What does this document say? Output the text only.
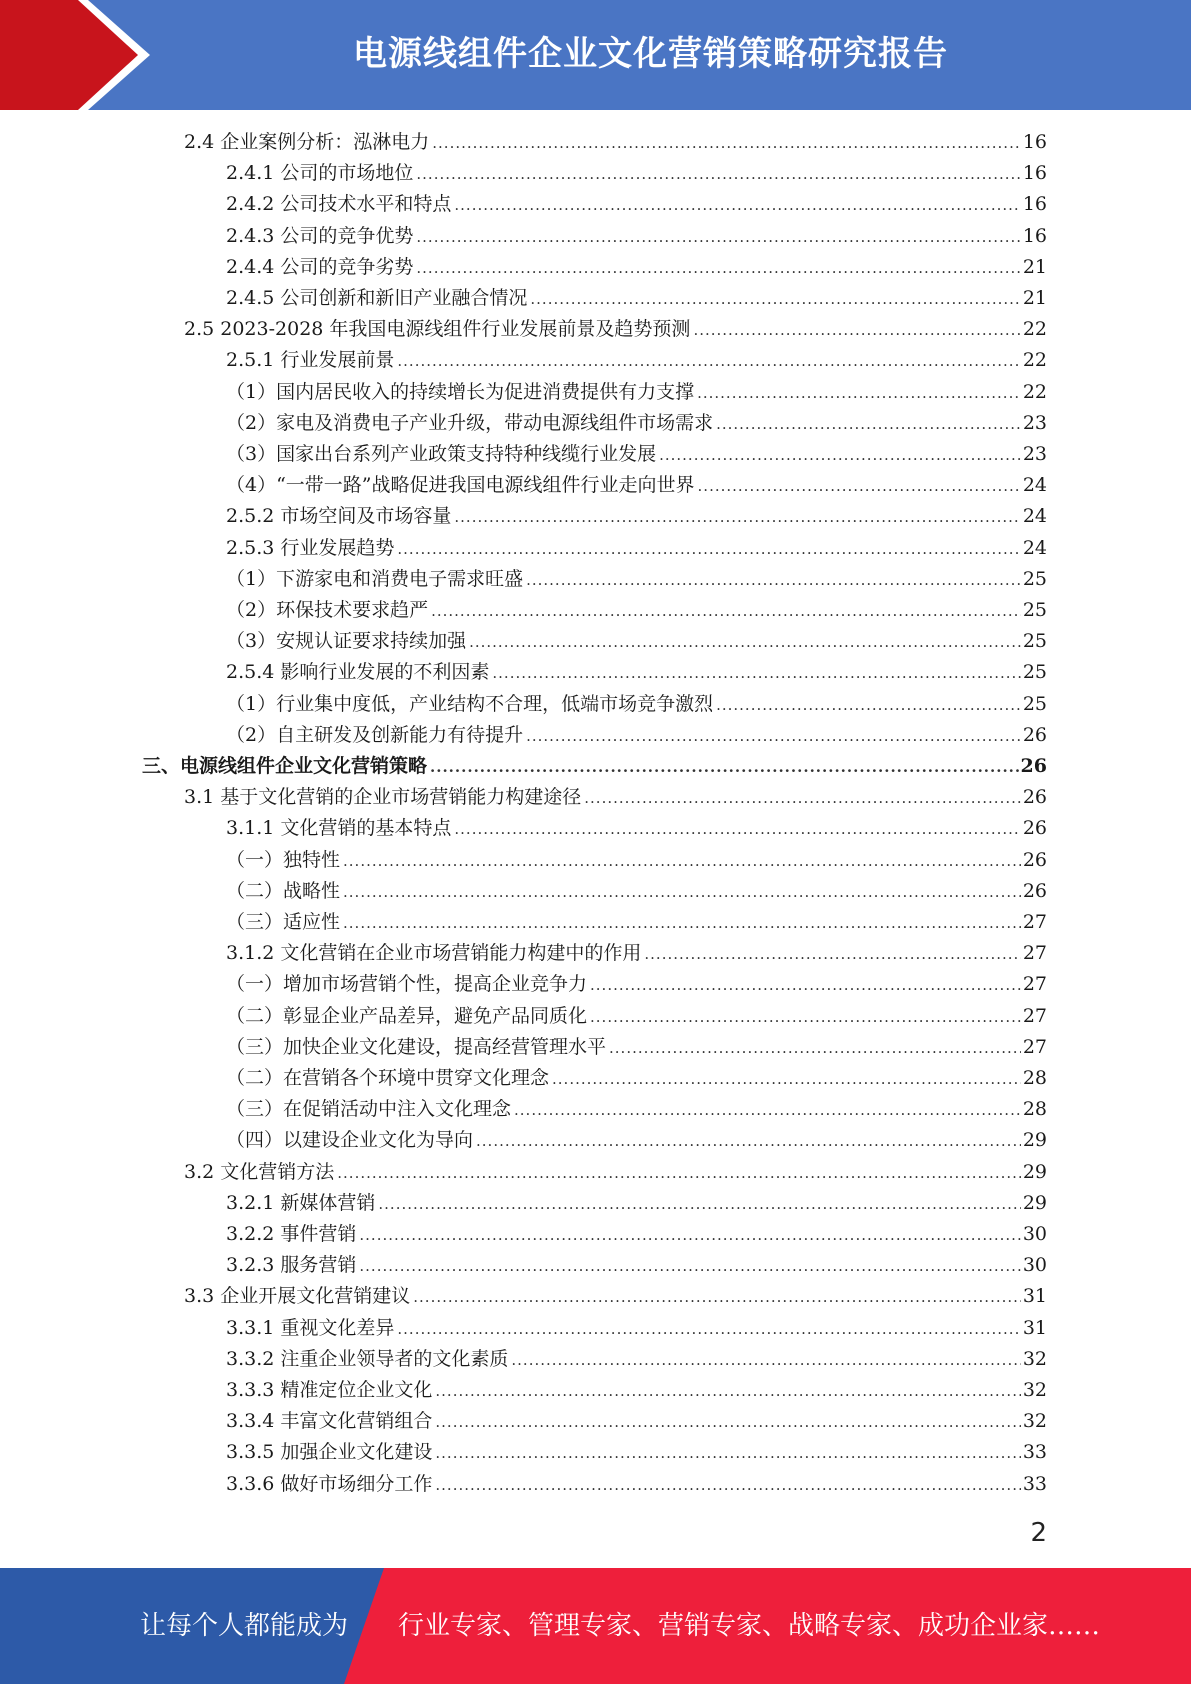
电源线组件企业文化营销策略研究报告
2.4 企业案例分析：泓淋电力 .....	16
2.4.1 公司的市场地位 .....	16
2.4.2 公司技术水平和特点 .....	16
2.4.3 公司的竞争优势 .....	16
2.4.4 公司的竞争劣势 .....	21
2.4.5 公司创新和新旧产业融合情况 .....	21
2.5 2023-2028 年我国电源线组件行业发展前景及趋势预测 .....	22
2.5.1 行业发展前景 .....	22
（1）国内居民收入的持续增长为促进消费提供有力支撑 .....	22
（2）家电及消费电子产业升级，带动电源线组件市场需求 .....	23
（3）国家出台系列产业政策支持特种线缆行业发展 .....	23
（4）“一带一路”战略促进我国电源线组件行业走向世界 .....	24
2.5.2 市场空间及市场容量 .....	24
2.5.3 行业发展趋势 .....	24
（1）下游家电和消费电子需求旺盛 .....	25
（2）环保技术要求趋严 .....	25
（3）安规认证要求持续加强 .....	25
2.5.4 影响行业发展的不利因素 .....	25
（1）行业集中度低，产业结构不合理，低端市场竞争激烈 .....	25
（2）自主研发及创新能力有待提升 .....	26
三、电源线组件企业文化营销策略 .....	26
3.1 基于文化营销的企业市场营销能力构建途径 .....	26
3.1.1 文化营销的基本特点 .....	26
（一）独特性 .....	26
（二）战略性 .....	26
（三）适应性 .....	27
3.1.2 文化营销在企业市场营销能力构建中的作用 .....	27
（一）增加市场营销个性，提高企业竞争力 .....	27
（二）彰显企业产品差异，避免产品同质化 .....	27
（三）加快企业文化建设，提高经营管理水平 .....	27
（二）在营销各个环境中贯穿文化理念 .....	28
（三）在促销活动中注入文化理念 .....	28
（四）以建设企业文化为导向 .....	29
3.2 文化营销方法 .....	29
3.2.1 新媒体营销 .....	29
3.2.2 事件营销 .....	30
3.2.3 服务营销 .....	30
3.3 企业开展文化营销建议 .....	31
3.3.1 重视文化差异 .....	31
3.3.2 注重企业领导者的文化素质 .....	32
3.3.3 精准定位企业文化 .....	32
3.3.4 丰富文化营销组合 .....	32
3.3.5 加强企业文化建设 .....	33
3.3.6 做好市场细分工作 .....	33
2
让每个人都能成为 行业专家、管理专家、营销专家、战略专家、成功企业家……
